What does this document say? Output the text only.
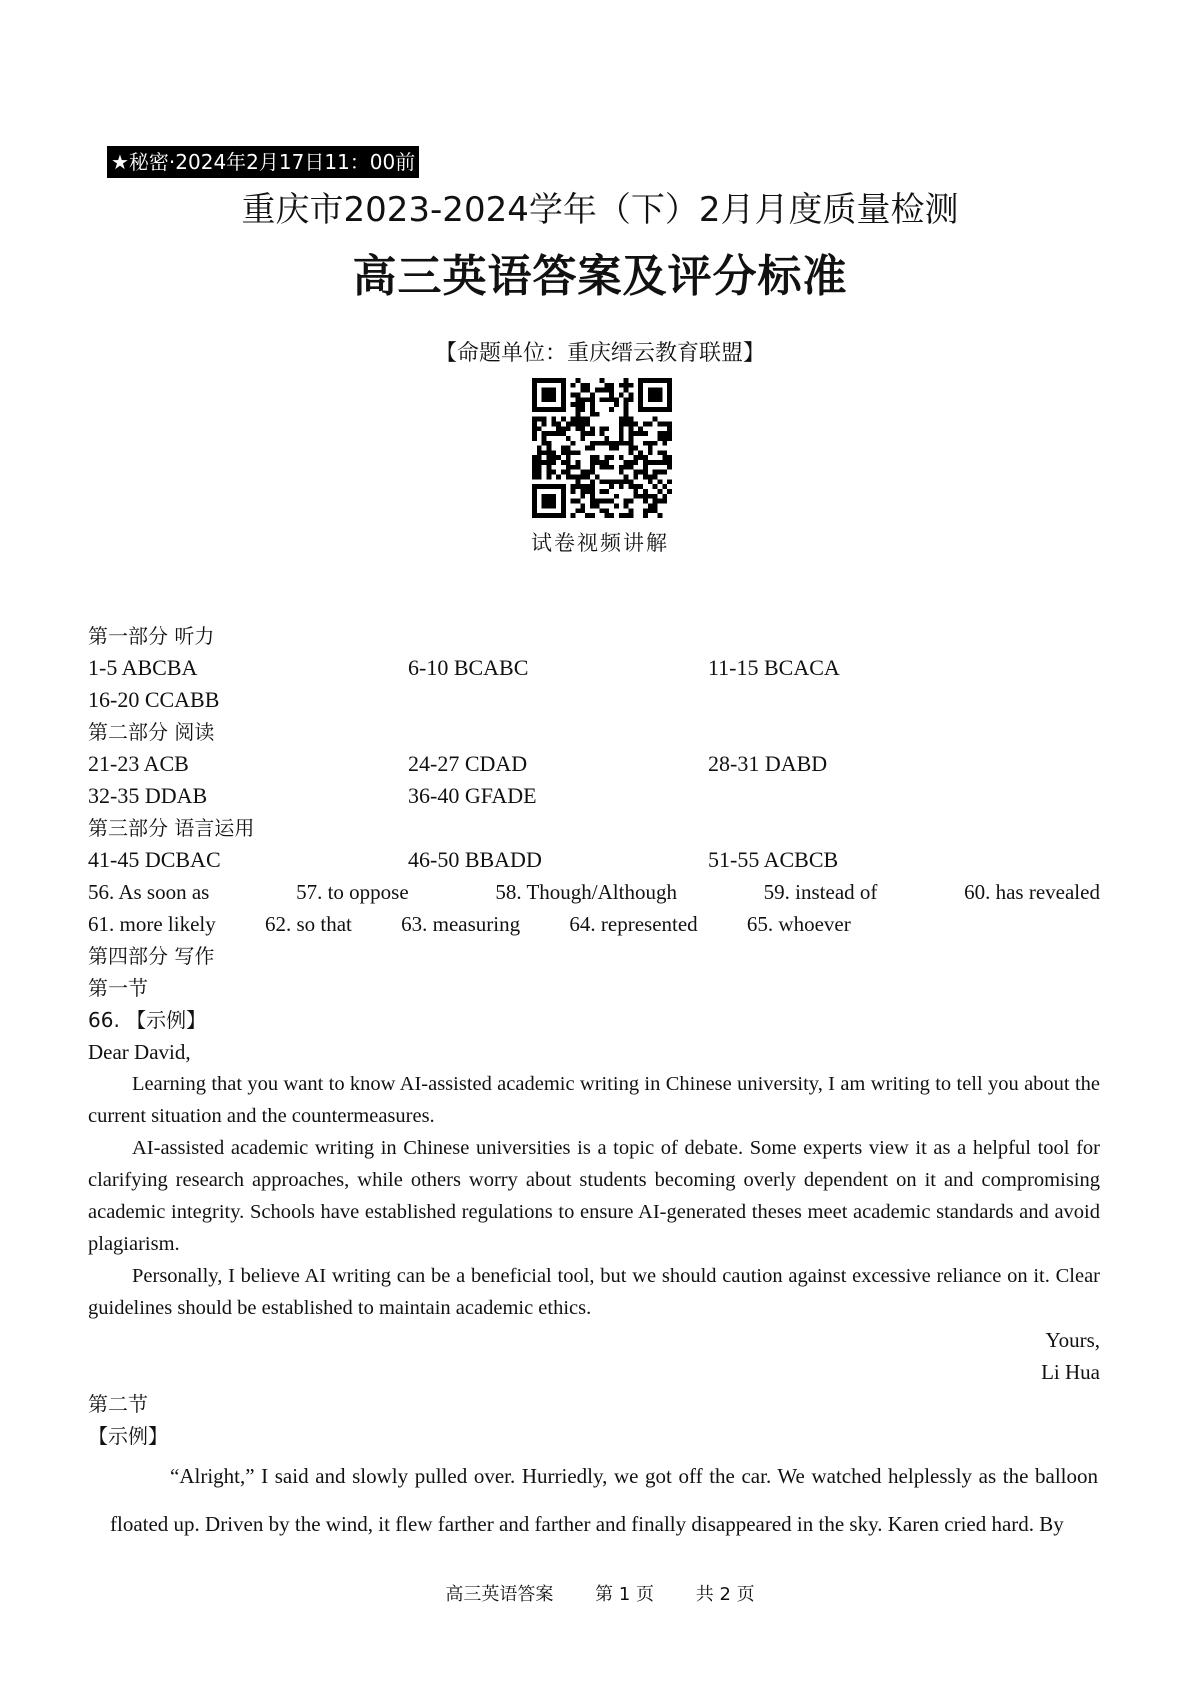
★秘密·2024年2月17日11：00前
重庆市2023-2024学年（下）2月月度质量检测
高三英语答案及评分标准
【命题单位：重庆缙云教育联盟】
试卷视频讲解
第一部分 听力
1-5 ABCBA	6-10 BCABC	11-15 BCACA
16-20 CCABB
第二部分 阅读
21-23 ACB	24-27 CDAD	28-31 DABD
32-35 DDAB	36-40 GFADE
第三部分 语言运用
41-45 DCBAC	46-50 BBADD	51-55 ACBCB
56. As soon as	57. to oppose	58. Though/Although	59. instead of	60. has revealed
61. more likely 62. so that 63. measuring 64. represented 65. whoever
第四部分 写作
第一节
66. 【示例】
Dear David,
Learning that you want to know AI-assisted academic writing in Chinese university, I am writing to tell you about the current situation and the countermeasures.
AI-assisted academic writing in Chinese universities is a topic of debate. Some experts view it as a helpful tool for clarifying research approaches, while others worry about students becoming overly dependent on it and compromising academic integrity. Schools have established regulations to ensure AI-generated theses meet academic standards and avoid plagiarism.
Personally, I believe AI writing can be a beneficial tool, but we should caution against excessive reliance on it. Clear guidelines should be established to maintain academic ethics.
Yours,
Li Hua
第二节
【示例】
“Alright,” I said and slowly pulled over. Hurriedly, we got off the car. We watched helplessly as the balloon floated up. Driven by the wind, it flew farther and farther and finally disappeared in the sky. Karen cried hard. By
高三英语答案 第 1 页 共 2 页
